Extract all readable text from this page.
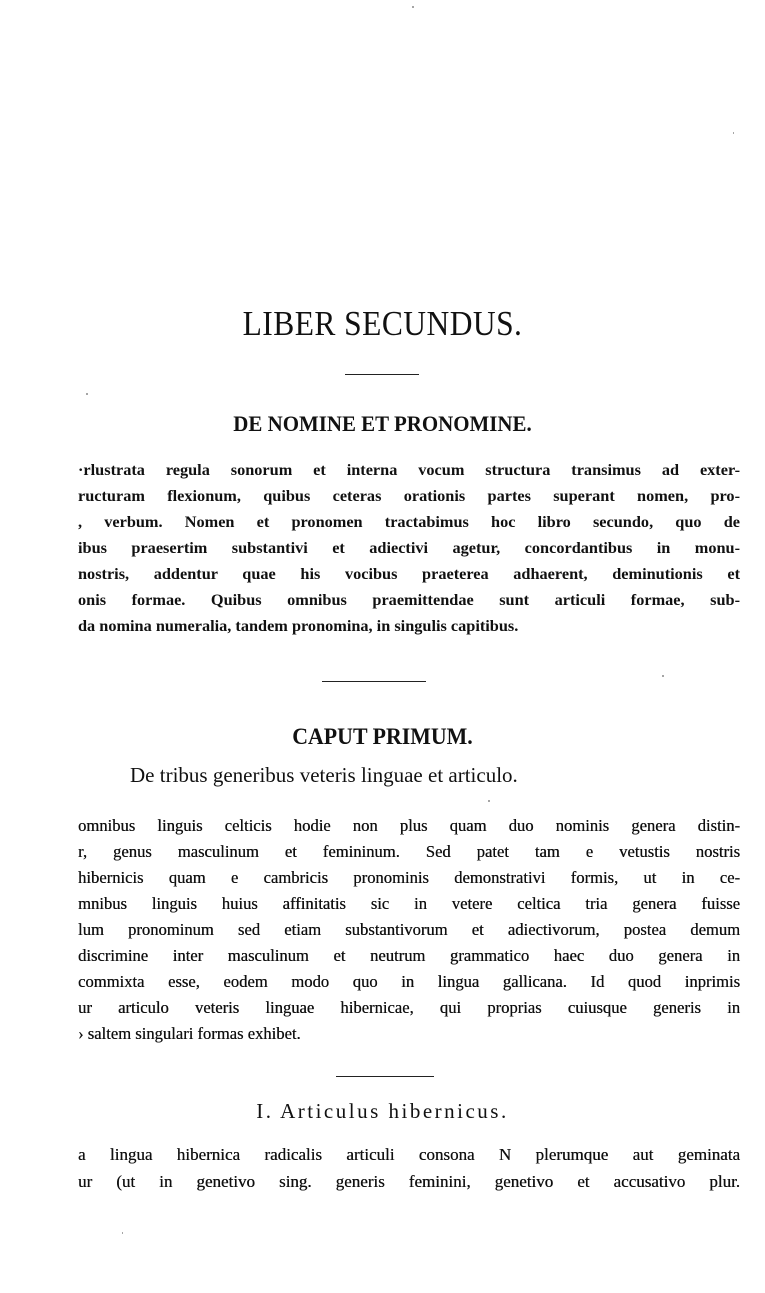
LIBER SECUNDUS.
DE NOMINE ET PRONOMINE.
·rlustrata regula sonorum et interna vocum structura transimus ad exter-
ructuram flexionum, quibus ceteras orationis partes superant nomen, pro-
, verbum. Nomen et pronomen tractabimus hoc libro secundo, quo de
ibus praesertim substantivi et adiectivi agetur, concordantibus in monu-
nostris, addentur quae his vocibus praeterea adhaerent, deminutionis et
onis formae. Quibus omnibus praemittendae sunt articuli formae, sub-
da nomina numeralia, tandem pronomina, in singulis capitibus.
CAPUT PRIMUM.
De tribus generibus veteris linguae et articulo.
omnibus linguis celticis hodie non plus quam duo nominis genera distin-
r, genus masculinum et femininum. Sed patet tam e vetustis nostris
hibernicis quam e cambricis pronominis demonstrativi formis, ut in ce-
mnibus linguis huius affinitatis sic in vetere celtica tria genera fuisse
lum pronominum sed etiam substantivorum et adiectivorum, postea demum
discrimine inter masculinum et neutrum grammatico haec duo genera in
commixta esse, eodem modo quo in lingua gallicana. Id quod inprimis
ur articulo veteris linguae hibernicae, qui proprias cuiusque generis in
› saltem singulari formas exhibet.
I. Articulus hibernicus.
a lingua hibernica radicalis articuli consona N plerumque aut geminata
ur (ut in genetivo sing. generis feminini, genetivo et accusativo plur.
